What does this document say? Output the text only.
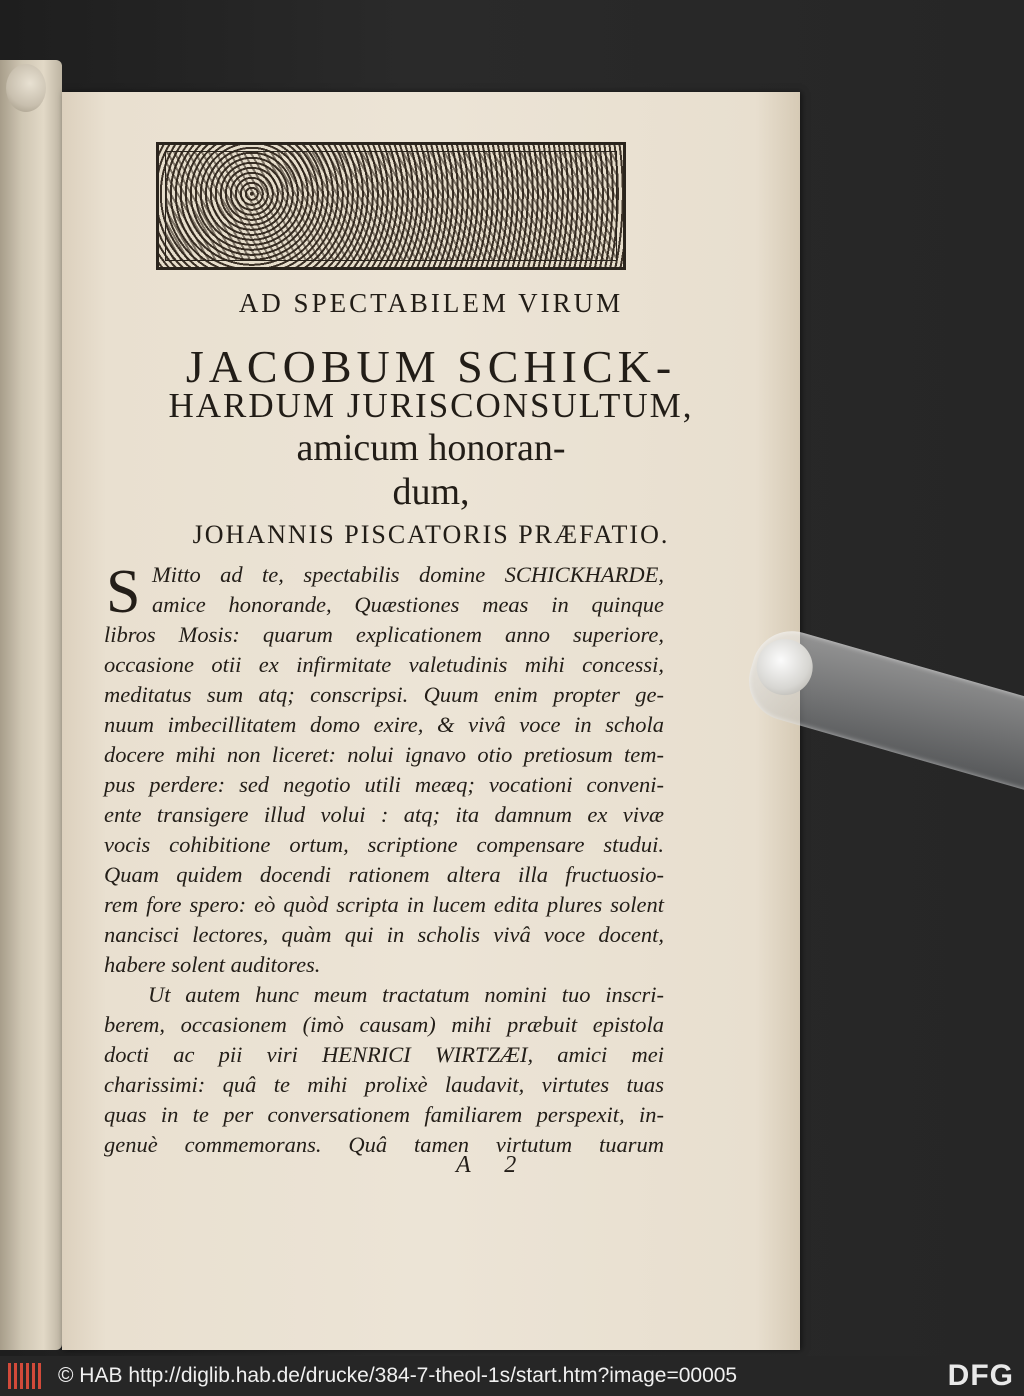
AD SPECTABILEM VIRUM
JACOBUM SCHICK-
HARDUM JURISCONSULTUM,
amicum honoran-
dum,
JOHANNIS PISCATORIS PRÆFATIO.
S Mitto ad te, spectabilis domine SCHICKHARDE,
amice honorande, Quæstiones meas in quinque
libros Mosis: quarum explicationem anno superiore,
occasione otii ex infirmitate valetudinis mihi concessi,
meditatus sum atq; conscripsi. Quum enim propter ge-
nuum imbecillitatem domo exire, & vivâ voce in schola
docere mihi non liceret: nolui ignavo otio pretiosum tem-
pus perdere: sed negotio utili meæq; vocationi conveni-
ente transigere illud volui : atq; ita damnum ex vivæ
vocis cohibitione ortum, scriptione compensare studui.
Quam quidem docendi rationem altera illa fructuosio-
rem fore spero: eò quòd scripta in lucem edita plures solent
nancisci lectores, quàm qui in scholis vivâ voce docent,
habere solent auditores.
Ut autem hunc meum tractatum nomini tuo inscri-
berem, occasionem (imò causam) mihi præbuit epistola
docti ac pii viri HENRICI WIRTZÆI, amici mei
charissimi: quâ te mihi prolixè laudavit, virtutes tuas
quas in te per conversationem familiarem perspexit, in-
genuè commemorans. Quâ tamen virtutum tuarum
A 2
© HAB http://diglib.hab.de/drucke/384-7-theol-1s/start.htm?image=00005	DFG
